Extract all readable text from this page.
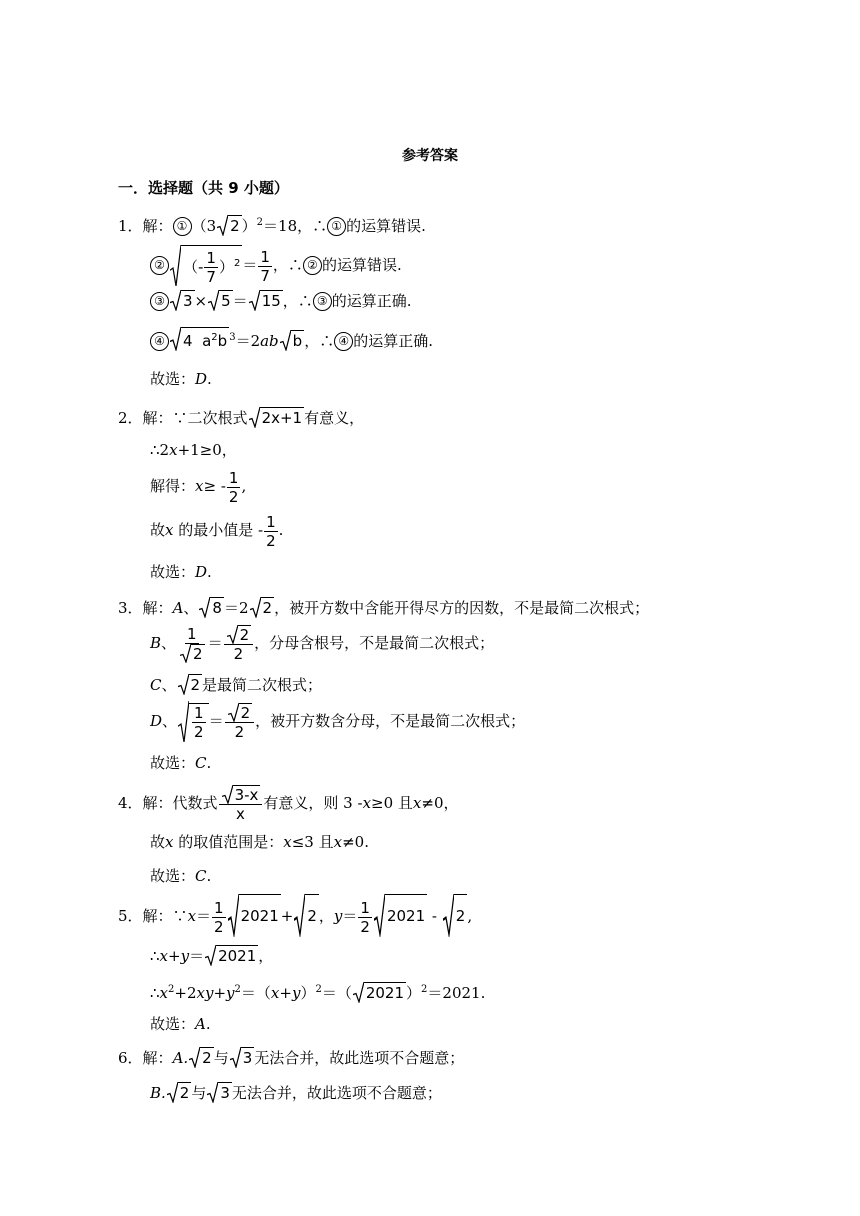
参考答案
一．选择题（共 9 小题）
1．解： ① （3 2 ）$^2$＝18，∴ ① 的运算错误.
② （- $\frac{1}{7} )^2 = \frac{1}{7}$ ，∴ ② 的运算错误.
③ 3 × 5 ＝ 15 ，∴ ③ 的运算正确.
④ 4  $a^2b$ $^3$＝2ab b ，∴ ④ 的运算正确.
故选：D.
2．解：∵二次根式 2x+1 有意义，
∴2x+1≥0，
解得：$x\ge - \frac{1}{2}$ ,
故x 的最小值是 - $\frac{1}{2}$ .
故选：D.
3．解：A、 8 ＝2 2 ，被开方数中含能开得尽方的因数，不是最简二次根式；
B、 $\frac{1}{2} = \frac{2}{2}$ ，分母含根号，不是最简二次根式；
C、 2 是最简二次根式；
D、 $\frac{1}{2} = \frac{2}{2}$ ，被开方数含分母，不是最简二次根式；
故选：C.
4．解：代数式 $\frac{3-x}{x}$ 有意义，则 3 -x≥0 且x≠0，
故x 的取值范围是：x≤3 且x≠0.
故选：C.
5．解：∵x＝ $\frac{1}{2} 2021 + 2$ ，$y= \frac{1}{2} 2021$ -
2 ,
∴x+y＝ 2021 ，
$\therefore x^2+2xy+y^2=(x+y)^2=$（ 2021 ）$^2$＝2021.
故选：A.
6．解：A. 2 与 3 无法合并，故此选项不合题意；
B. 2 与 3 无法合并，故此选项不合题意；
